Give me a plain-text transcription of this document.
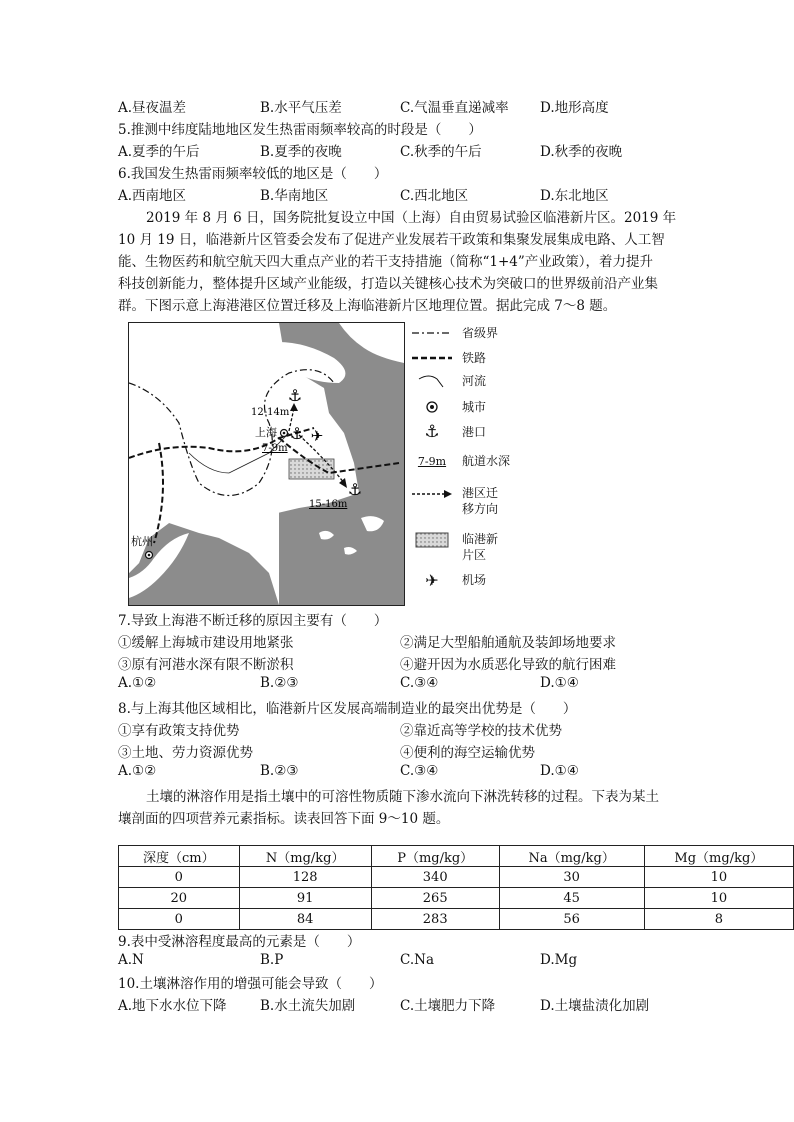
A.昼夜温差	B.水平气压差	C.气温垂直递减率 D.地形高度
5.推测中纬度陆地地区发生热雷雨频率较高的时段是（　　）
A.夏季的午后	B.夏季的夜晚	C.秋季的午后	D.秋季的夜晚
6.我国发生热雷雨频率较低的地区是（　　）
A.西南地区	B.华南地区	C.西北地区	D.东北地区
2019 年 8 月 6 日，国务院批复设立中国（上海）自由贸易试验区临港新片区。2019 年
10 月 19 日，临港新片区管委会发布了促进产业发展若干政策和集聚发展集成电路、人工智
能、生物医药和航空航天四大重点产业的若干支持措施（简称“1+4”产业政策），着力提升
科技创新能力，整体提升区域产业能级，打造以关键核心技术为突破口的世界级前沿产业集
群。下图示意上海港港区位置迁移及上海临港新片区地理位置。据此完成 7～8 题。
⚓
⚓
⚓
✈
上海
杭州
12-14m
7-9m
15-16m
省级界
铁路
河流
城市
⚓	港口
7-9m	航道水深
港区迁移方向
临港新片区
✈	机场
7.导致上海港不断迁移的原因主要有（　　）
①缓解上海城市建设用地紧张	②满足大型船舶通航及装卸场地要求
③原有河港水深有限不断淤积	④避开因为水质恶化导致的航行困难
A.①②	B.②③	C.③④	D.①④
8.与上海其他区域相比，临港新片区发展高端制造业的最突出优势是（　　）
①享有政策支持优势	②靠近高等学校的技术优势
③土地、劳力资源优势	④便利的海空运输优势
A.①②	B.②③	C.③④	D.①④
土壤的淋溶作用是指土壤中的可溶性物质随下渗水流向下淋洗转移的过程。下表为某土
壤剖面的四项营养元素指标。读表回答下面 9～10 题。
深度（cm）	N（mg/kg）	P（mg/kg）	Na（mg/kg）	Mg（mg/kg）
0	128	340	30	10
20	91	265	45	10
0	84	283	56	8
9.表中受淋溶程度最高的元素是（　　）
A.N	B.P	C.Na	D.Mg
10.土壤淋溶作用的增强可能会导致（　　）
A.地下水水位下降 B.水土流失加剧	C.土壤肥力下降	D.土壤盐渍化加剧
